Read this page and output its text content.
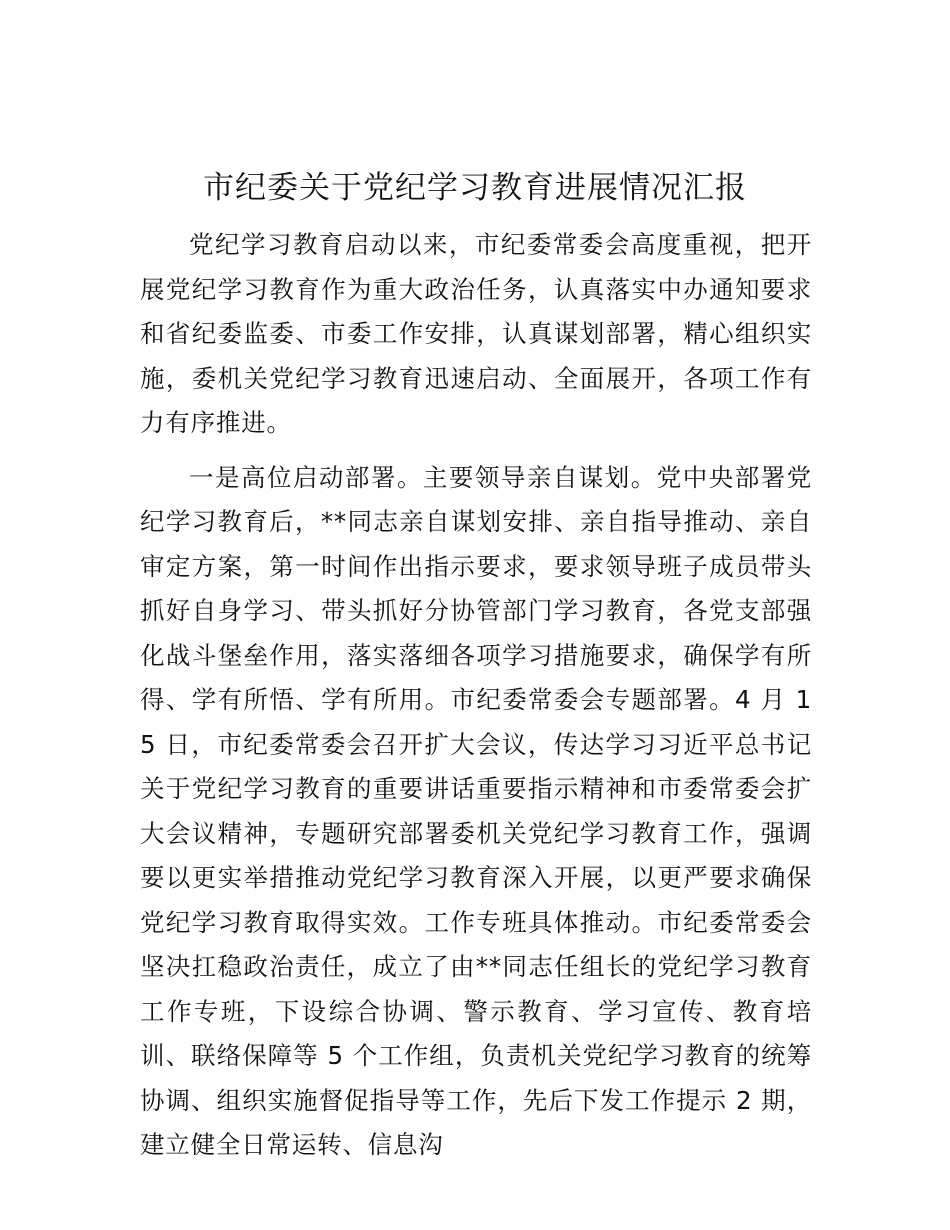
市纪委关于党纪学习教育进展情况汇报

党纪学习教育启动以来，市纪委常委会高度重视，把开展党纪学习教育作为重大政治任务，认真落实中办通知要求和省纪委监委、市委工作安排，认真谋划部署，精心组织实施，委机关党纪学习教育迅速启动、全面展开，各项工作有力有序推进。

一是高位启动部署。主要领导亲自谋划。党中央部署党纪学习教育后，**同志亲自谋划安排、亲自指导推动、亲自审定方案，第一时间作出指示要求，要求领导班子成员带头抓好自身学习、带头抓好分协管部门学习教育，各党支部强化战斗堡垒作用，落实落细各项学习措施要求，确保学有所得、学有所悟、学有所用。市纪委常委会专题部署。4 月 15 日，市纪委常委会召开扩大会议，传达学习习近平总书记关于党纪学习教育的重要讲话重要指示精神和市委常委会扩大会议精神，专题研究部署委机关党纪学习教育工作，强调要以更实举措推动党纪学习教育深入开展，以更严要求确保党纪学习教育取得实效。工作专班具体推动。市纪委常委会坚决扛稳政治责任，成立了由**同志任组长的党纪学习教育工作专班，下设综合协调、警示教育、学习宣传、教育培训、联络保障等 5 个工作组，负责机关党纪学习教育的统筹协调、组织实施督促指导等工作，先后下发工作提示 2 期，建立健全日常运转、信息沟
